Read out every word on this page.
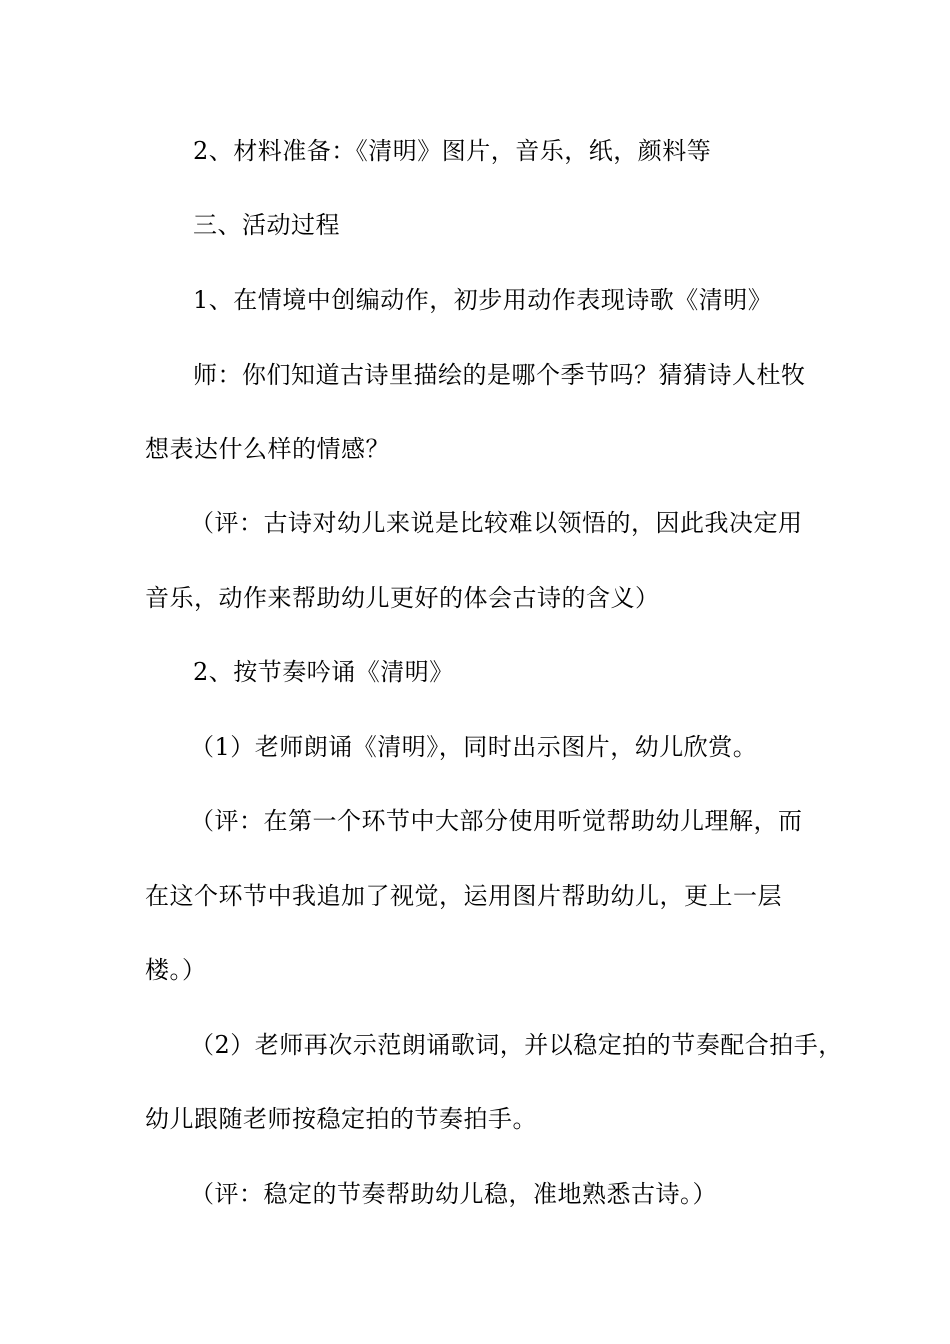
2、材料准备：《清明》图片，音乐，纸，颜料等
三、活动过程
1、在情境中创编动作，初步用动作表现诗歌《清明》
师：你们知道古诗里描绘的是哪个季节吗？猜猜诗人杜牧
想表达什么样的情感？
（评：古诗对幼儿来说是比较难以领悟的，因此我决定用
音乐，动作来帮助幼儿更好的体会古诗的含义）
2、按节奏吟诵《清明》
（1）老师朗诵《清明》，同时出示图片，幼儿欣赏。
（评：在第一个环节中大部分使用听觉帮助幼儿理解，而
在这个环节中我追加了视觉，运用图片帮助幼儿，更上一层
楼。）
（2）老师再次示范朗诵歌词，并以稳定拍的节奏配合拍手，
幼儿跟随老师按稳定拍的节奏拍手。
（评：稳定的节奏帮助幼儿稳，准地熟悉古诗。）
